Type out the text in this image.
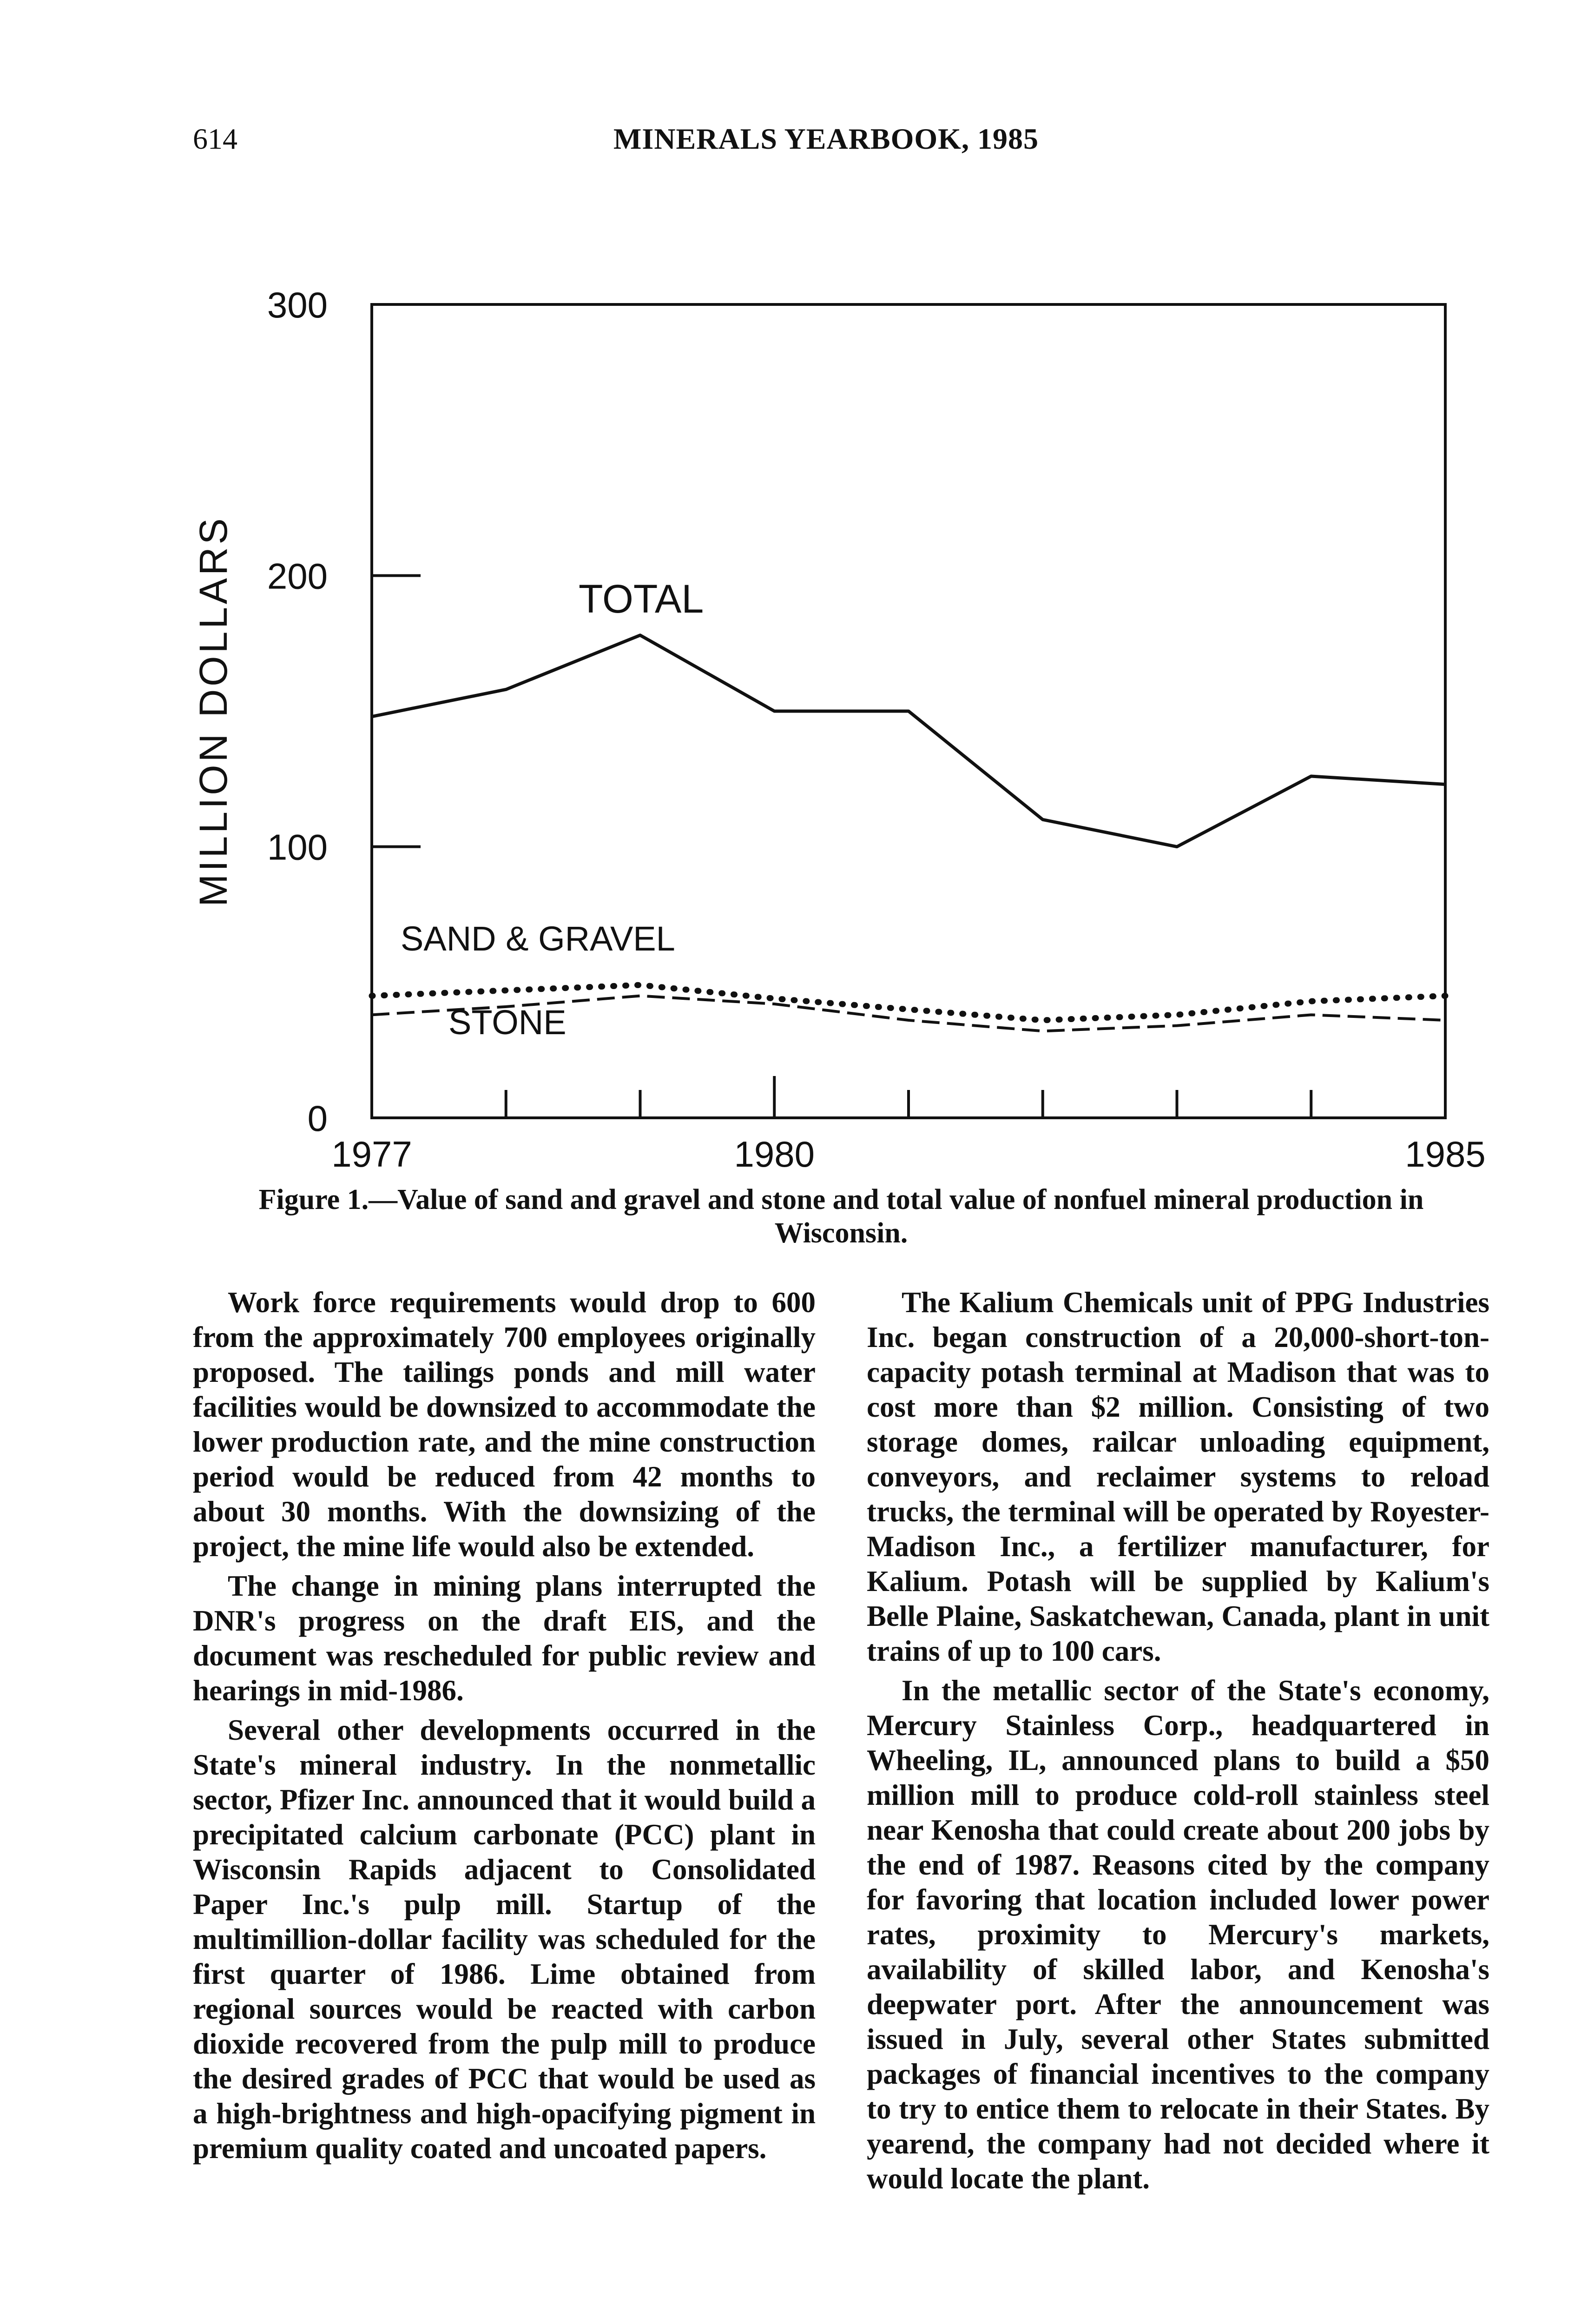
614	MINERALS YEARBOOK, 1985
MILLION DOLLARS
0
100
200
300
1977	1980	1985
TOTAL
SAND & GRAVEL
STONE
Figure 1.—Value of sand and gravel and stone and total value of nonfuel mineral production in Wisconsin.

Work force requirements would drop to 600 from the approximately 700 employees originally proposed. The tailings ponds and mill water facilities would be downsized to accommodate the lower production rate, and the mine construction period would be reduced from 42 months to about 30 months. With the downsizing of the project, the mine life would also be extended.

The change in mining plans interrupted the DNR's progress on the draft EIS, and the document was rescheduled for public review and hearings in mid-1986.

Several other developments occurred in the State's mineral industry. In the nonmetallic sector, Pfizer Inc. announced that it would build a precipitated calcium carbonate (PCC) plant in Wisconsin Rapids adjacent to Consolidated Paper Inc.'s pulp mill. Startup of the multimillion-dollar facility was scheduled for the first quarter of 1986. Lime obtained from regional sources would be reacted with carbon dioxide recovered from the pulp mill to produce the desired grades of PCC that would be used as a high-brightness and high-opacifying pigment in premium quality coated and uncoated papers.

The Kalium Chemicals unit of PPG Industries Inc. began construction of a 20,000-short-ton-capacity potash terminal at Madison that was to cost more than $2 million. Consisting of two storage domes, railcar unloading equipment, conveyors, and reclaimer systems to reload trucks, the terminal will be operated by Royester-Madison Inc., a fertilizer manufacturer, for Kalium. Potash will be supplied by Kalium's Belle Plaine, Saskatchewan, Canada, plant in unit trains of up to 100 cars.

In the metallic sector of the State's economy, Mercury Stainless Corp., headquartered in Wheeling, IL, announced plans to build a $50 million mill to produce cold-roll stainless steel near Kenosha that could create about 200 jobs by the end of 1987. Reasons cited by the company for favoring that location included lower power rates, proximity to Mercury's markets, availability of skilled labor, and Kenosha's deepwater port. After the announcement was issued in July, several other States submitted packages of financial incentives to the company to try to entice them to relocate in their States. By yearend, the company had not decided where it would locate the plant.
